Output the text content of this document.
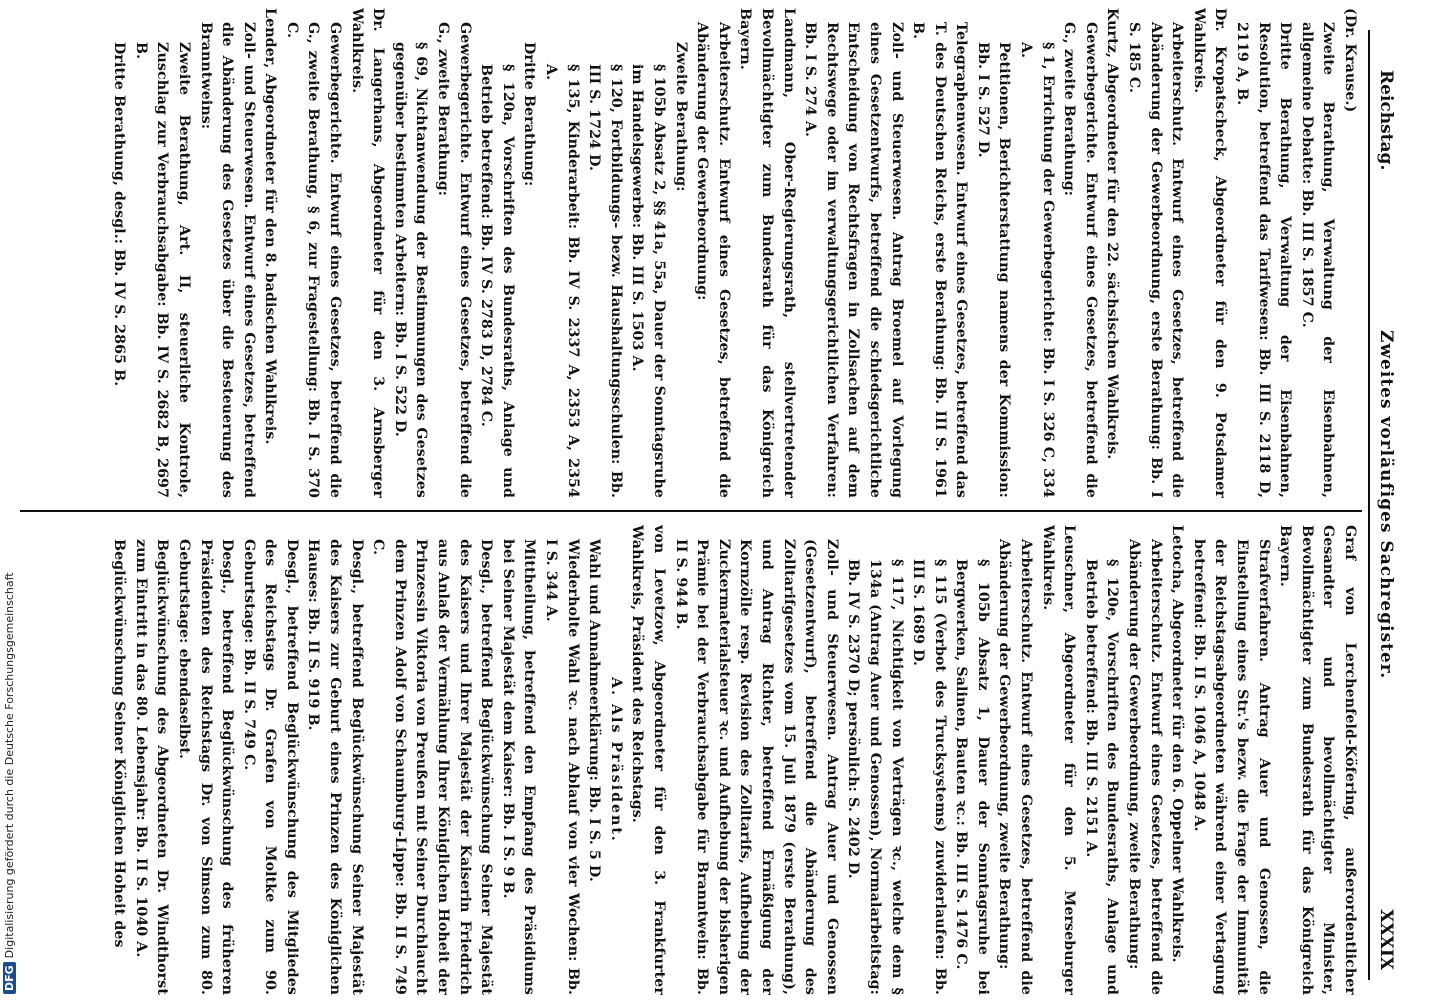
Reichstag.
Zweites vorläufiges Sachregister.
XXXIX

(Dr. Krause.)

Zweite Berathung, Verwaltung der Eisenbahnen, allgemeine Debatte: Bb. III S. 1857 C.

Dritte Berathung, Verwaltung der Eisenbahnen, Resolution, betreffend das Tarifwesen: Bb. III S. 2118 D, 2119 A, B.

Dr. Kropatscheck, Abgeordneter für den 9. Potsdamer Wahlkreis.

Arbeiterschutz. Entwurf eines Gesetzes, betreffend die Abänderung der Gewerbeordnung, erste Berathung: Bb. I S. 185 C.

Kurtz, Abgeordneter für den 22. sächsischen Wahlkreis.

Gewerbegerichte. Entwurf eines Gesetzes, betreffend die G., zweite Berathung:

§ 1, Errichtung der Gewerbegerichte: Bb. I S. 326 C, 334 A.

Petitionen, Berichterstattung namens der Kommission: Bb. I S. 527 D.

Telegraphenwesen. Entwurf eines Gesetzes, betreffend das T. des Deutschen Reichs, erste Berathung: Bb. III S. 1961 B.

Zoll- und Steuerwesen. Antrag Broemel auf Vorlegung eines Gesetzentwurfs, betreffend die schiedsgerichtliche Entscheidung von Rechtsfragen in Zollsachen auf dem Rechtswege oder im verwaltungsgerichtlichen Verfahren: Bb. I S. 274 A.

Landmann, Ober-Regierungsrath, stellvertretender Bevollmächtigter zum Bundesrath für das Königreich Bayern.

Arbeiterschutz. Entwurf eines Gesetzes, betreffend die Abänderung der Gewerbeordnung:

Zweite Berathung:

§ 105b Absatz 2, §§ 41a, 55a, Dauer der Sonntagsruhe im Handelsgewerbe: Bb. III S. 1503 A.

§ 120, Fortbildungs- bezw. Haushaltungsschulen: Bb. III S. 1724 D.

§ 135, Kinderarbeit: Bb. IV S. 2337 A, 2353 A, 2354 A.

Dritte Berathung:

§ 120a, Vorschriften des Bundesraths, Anlage und Betrieb betreffend: Bb. IV S. 2783 D, 2784 C.

Gewerbegerichte. Entwurf eines Gesetzes, betreffend die G., zweite Berathung:

§ 69, Nichtanwendung der Bestimmungen des Gesetzes gegenüber bestimmten Arbeitern: Bb. I S. 522 D.

Dr. Langerhans, Abgeordneter für den 3. Arnsberger Wahlkreis.

Gewerbegerichte. Entwurf eines Gesetzes, betreffend die G., zweite Berathung, § 6, zur Fragestellung: Bb. I S. 370 C.

Lender, Abgeordneter für den 8. badischen Wahlkreis.

Zoll- und Steuerwesen. Entwurf eines Gesetzes, betreffend die Abänderung des Gesetzes über die Besteuerung des Branntweins:

Zweite Berathung, Art. II, steuerliche Kontrole, Zuschlag zur Verbrauchsabgabe: Bb. IV S. 2682 B, 2697 B.

Dritte Berathung, desgl.: Bb. IV S. 2865 B.

Graf von Lerchenfeld-Köfering, außerordentlicher Gesandter und bevollmächtigter Minister, Bevollmächtigter zum Bundesrath für das Königreich Bayern.

Strafverfahren. Antrag Auer und Genossen, die Einstellung eines Str.'s bezw. die Frage der Immunität der Reichstagsabgeordneten während einer Vertagung betreffend: Bb. II S. 1046 A, 1048 A.

Letocha, Abgeordneter für den 6. Oppelner Wahlkreis.

Arbeiterschutz. Entwurf eines Gesetzes, betreffend die Abänderung der Gewerbeordnung, zweite Berathung:

§ 120e, Vorschriften des Bundesraths, Anlage und Betrieb betreffend: Bb. III S. 2151 A.

Leuschner, Abgeordneter für den 5. Merseburger Wahlkreis.

Arbeiterschutz. Entwurf eines Gesetzes, betreffend die Abänderung der Gewerbeordnung, zweite Berathung:

§ 105b Absatz 1, Dauer der Sonntagsruhe bei Bergwerken, Salinen, Bauten ꝛc.: Bb. III S. 1476 C.

§ 115 (Verbot des Trucksystems) zuwiderlaufen: Bb. III S. 1689 D.

§ 117, Nichtigkeit von Verträgen ꝛc., welche dem § 134a (Antrag Auer und Genossen), Normalarbeitstag: Bb. IV S. 2370 D; persönlich: S. 2402 D.

Zoll- und Steuerwesen. Antrag Auer und Genossen (Gesetzentwurf), betreffend die Abänderung des Zolltarifgesetzes vom 15. Juli 1879 (erste Berathung), und Antrag Richter, betreffend Ermäßigung der Kornzölle resp. Revision des Zolltarifs, Aufhebung der Zuckermaterialsteuer ꝛc. und Aufhebung der bisherigen Prämie bei der Verbrauchsabgabe für Branntwein: Bb. II S. 944 B.

von Levetzow, Abgeordneter für den 3. Frankfurter Wahlkreis, Präsident des Reichstags.

A. Als Präsident.

Wahl und Annahmeerklärung: Bb. I S. 5 D.

Wiederholte Wahl ꝛc. nach Ablauf von vier Wochen: Bb. I S. 344 A.

Mittheilung, betreffend den Empfang des Präsidiums bei Seiner Majestät dem Kaiser: Bb. I S. 9 B.

Desgl., betreffend Beglückwünschung Seiner Majestät des Kaisers und Ihrer Majestät der Kaiserin Friedrich aus Anlaß der Vermählung Ihrer Königlichen Hoheit der Prinzessin Viktoria von Preußen mit Seiner Durchlaucht dem Prinzen Adolf von Schaumburg-Lippe: Bb. II S. 749 C.

Desgl., betreffend Beglückwünschung Seiner Majestät des Kaisers zur Geburt eines Prinzen des Königlichen Hauses: Bb. II S. 919 B.

Desgl., betreffend Beglückwünschung des Mitgliedes des Reichstags Dr. Grafen von Moltke zum 90. Geburtstage: Bb. II S. 749 C.

Desgl., betreffend Beglückwünschung des früheren Präsidenten des Reichstags Dr. von Simson zum 80. Geburtstage: ebendaselbst.

Beglückwünschung des Abgeordneten Dr. Windthorst zum Eintritt in das 80. Lebensjahr: Bb. II S. 1040 A.

Beglückwünschung Seiner Königlichen Hoheit des

DFGDigitalisierung gefördert durch die Deutsche Forschungsgemeinschaft
